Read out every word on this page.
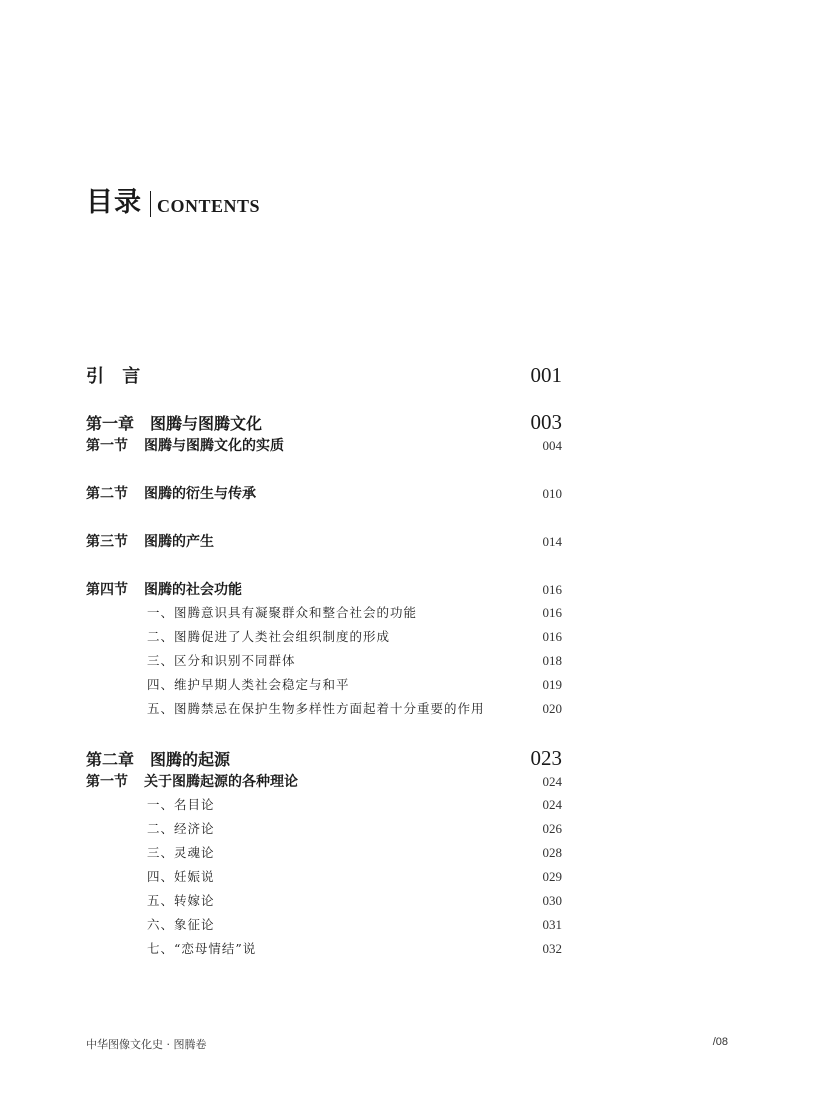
目录 CONTENTS
引 言	001
第一章 图腾与图腾文化	003
第一节 图腾与图腾文化的实质	004
第二节 图腾的衍生与传承	010
第三节 图腾的产生	014
第四节 图腾的社会功能	016
一、图腾意识具有凝聚群众和整合社会的功能	016
二、图腾促进了人类社会组织制度的形成	016
三、区分和识别不同群体	018
四、维护早期人类社会稳定与和平	019
五、图腾禁忌在保护生物多样性方面起着十分重要的作用	020
第二章 图腾的起源	023
第一节 关于图腾起源的各种理论	024
一、名目论	024
二、经济论	026
三、灵魂论	028
四、妊娠说	029
五、转嫁论	030
六、象征论	031
七、“恋母情结”说	032
中华图像文化史 · 图腾卷	/08
